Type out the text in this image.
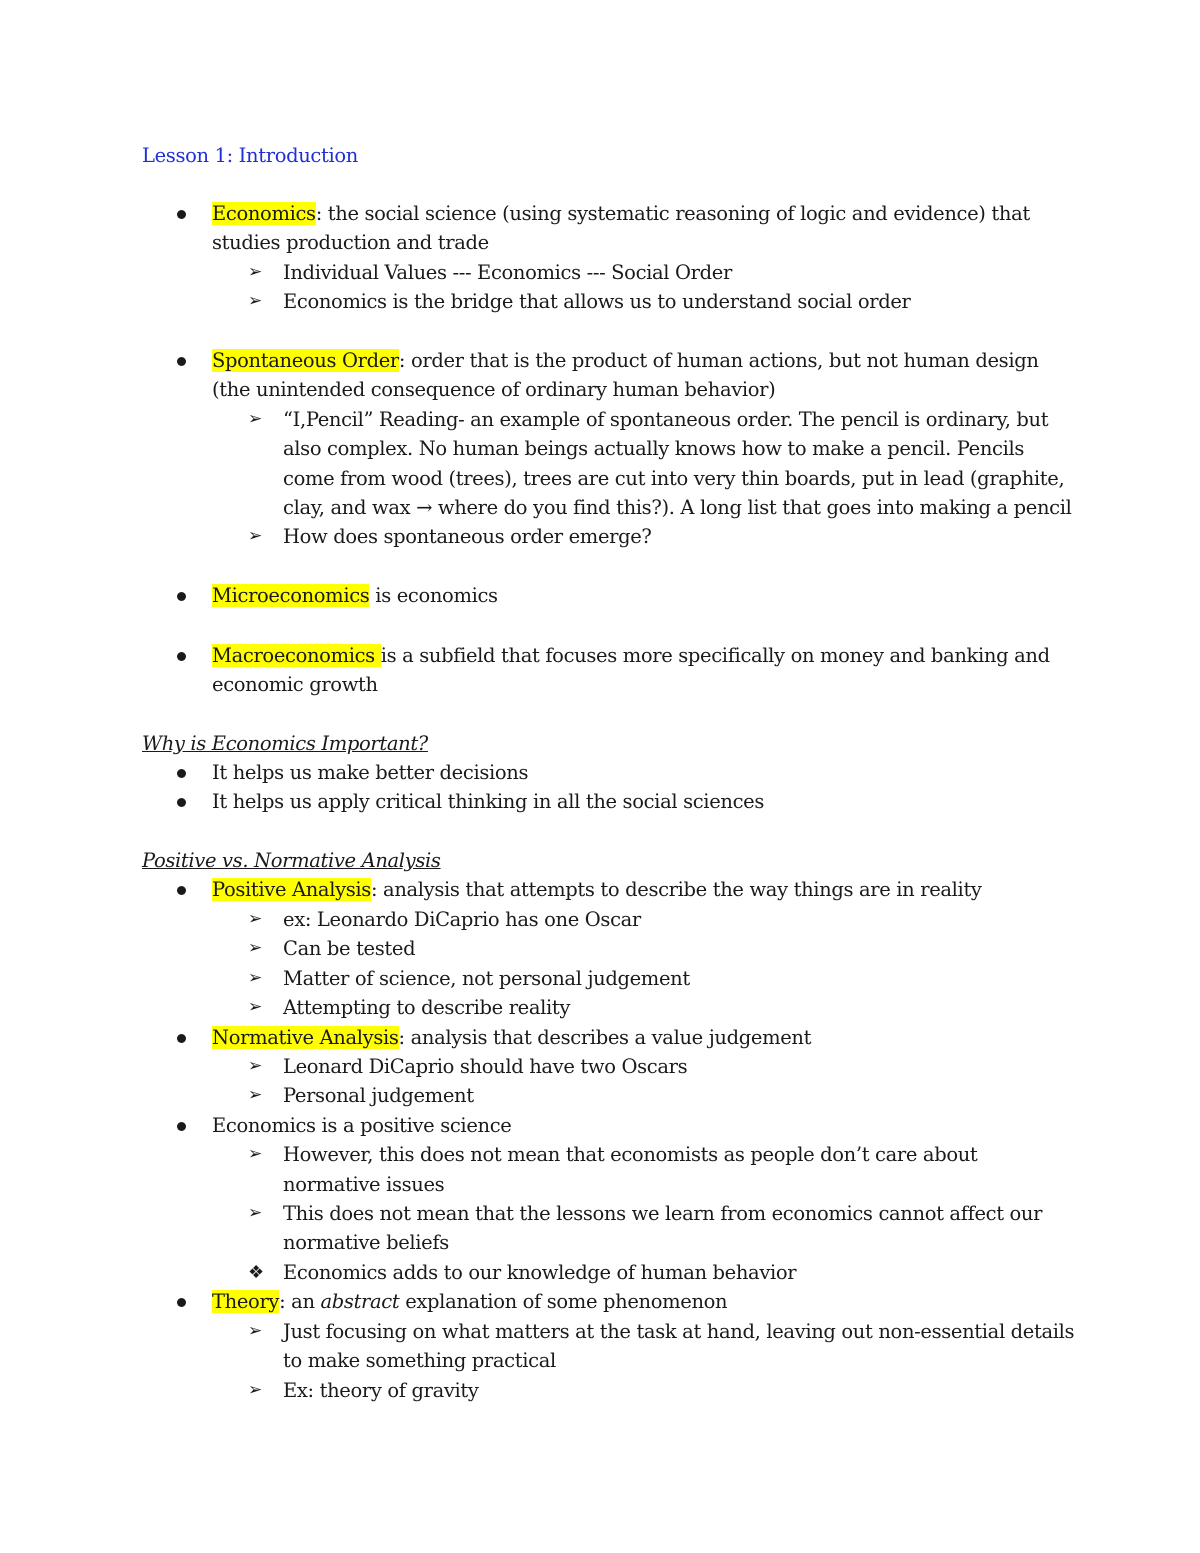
Lesson 1: Introduction
Economics: the social science (using systematic reasoning of logic and evidence) that
studies production and trade
➢ Individual Values --- Economics --- Social Order
➢ Economics is the bridge that allows us to understand social order
Spontaneous Order: order that is the product of human actions, but not human design
(the unintended consequence of ordinary human behavior)
➢ “I,Pencil” Reading- an example of spontaneous order. The pencil is ordinary, but
also complex. No human beings actually knows how to make a pencil. Pencils
come from wood (trees), trees are cut into very thin boards, put in lead (graphite,
clay, and wax → where do you find this?). A long list that goes into making a pencil
➢ How does spontaneous order emerge?
Microeconomics is economics
Macroeconomics is a subfield that focuses more specifically on money and banking and
economic growth
Why is Economics Important?
It helps us make better decisions
It helps us apply critical thinking in all the social sciences
Positive vs. Normative Analysis
Positive Analysis: analysis that attempts to describe the way things are in reality
➢ ex: Leonardo DiCaprio has one Oscar
➢ Can be tested
➢ Matter of science, not personal judgement
➢ Attempting to describe reality
Normative Analysis: analysis that describes a value judgement
➢ Leonard DiCaprio should have two Oscars
➢ Personal judgement
Economics is a positive science
➢ However, this does not mean that economists as people don’t care about
normative issues
➢ This does not mean that the lessons we learn from economics cannot affect our
normative beliefs
❖ Economics adds to our knowledge of human behavior
Theory: an abstract explanation of some phenomenon
➢ Just focusing on what matters at the task at hand, leaving out non-essential details
to make something practical
➢ Ex: theory of gravity
